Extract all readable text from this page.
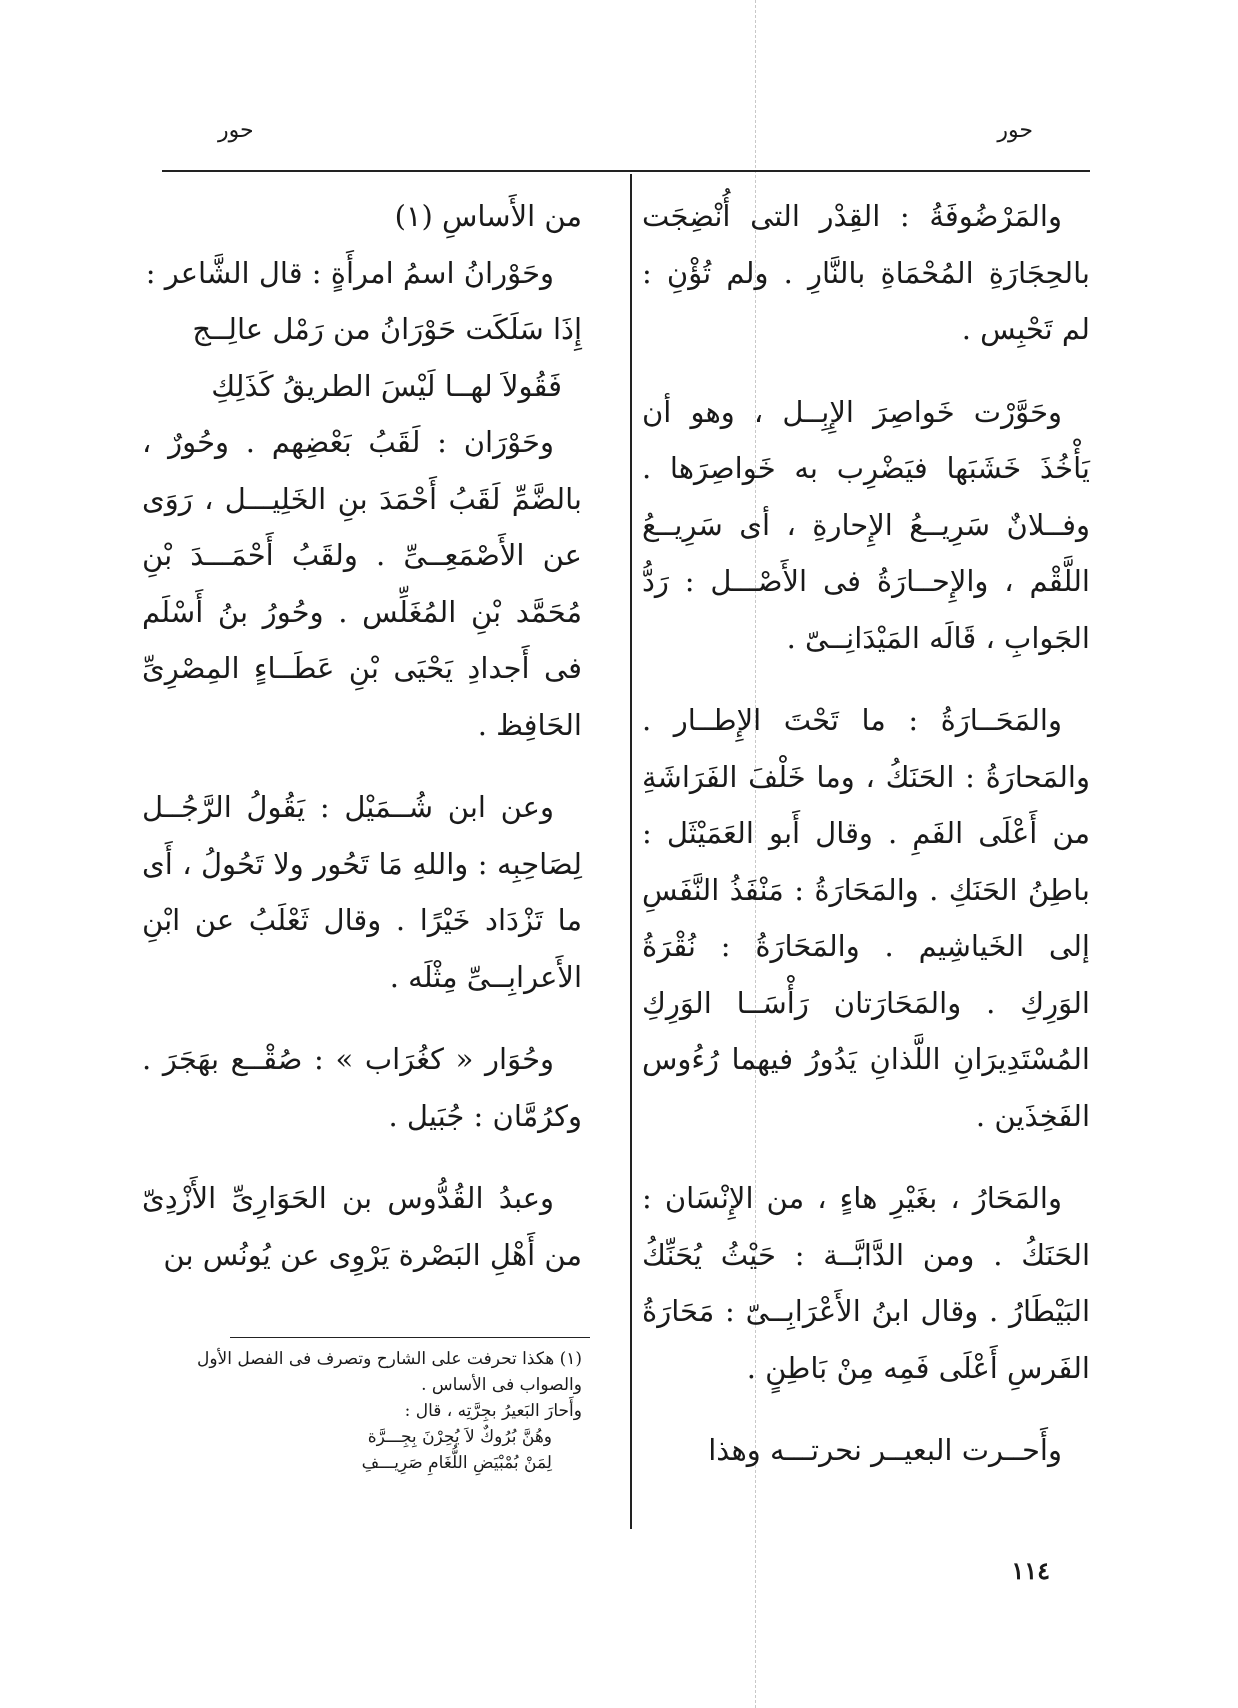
حور
حور

والمَرْضُوفَةُ : القِدْر التى أُنْضِجَت بالحِجَارَةِ المُحْمَاةِ بالنَّارِ . ولم تُؤْنِ : لم تَحْبِس .

وحَوَّرْت خَواصِرَ الإِبِــل ، وهو أن يَأْخُذَ خَشَبَها فيَضْرِب به خَواصِرَها . وفــلانٌ سَرِيــعُ الإِحارةِ ، أى سَرِيــعُ اللَّقْم ، والإِحــارَةُ فى الأَصْـــل : رَدُّ الجَوابِ ، قَالَه المَيْدَانِــىّ .

والمَحَــارَةُ : ما تَحْتَ الإِطــار . والمَحارَةُ : الحَنَكُ ، وما خَلْفَ الفَرَاشَةِ من أَعْلَى الفَمِ . وقال أَبو العَمَيْثَل : باطِنُ الحَنَكِ . والمَحَارَةُ : مَنْفَذُ النَّفَسِ إلى الخَياشِيم . والمَحَارَةُ : نُقْرَةُ الوَرِكِ . والمَحَارَتان رَأْسَــا الوَرِكِ المُسْتَدِيرَانِ اللَّذانِ يَدُورُ فيهما رُءُوس الفَخِذَين .

والمَحَارُ ، بغَيْرِ هاءٍ ، من الإِنْسَان : الحَنَكُ . ومن الدَّابَّــة : حَيْثُ يُحَنِّكُ البَيْطَارُ . وقال ابنُ الأَعْرَابِــىّ : مَحَارَةُ الفَرسِ أَعْلَى فَمِه مِنْ بَاطِنٍ .

وأَحــرت البعيــر نحرتـــه وهذا

من الأَساسِ (١)

وحَوْرانُ اسمُ امرأَةٍ : قال الشَّاعر :

إِذَا سَلَكَت حَوْرَانُ من رَمْل عالِــج

فَقُولاَ لهــا لَيْسَ الطريقُ كَذَلِكِ

وحَوْرَان : لَقَبُ بَعْضِهم . وحُورٌ ، بالضَّمِّ لَقَبُ أَحْمَدَ بنِ الخَلِيـــل ، رَوَى عن الأَصْمَعِــىِّ . ولقَبُ أَحْمَـــدَ بْنِ مُحَمَّد بْنِ المُغَلِّس . وحُورُ بنُ أَسْلَم فى أَجدادِ يَحْيَى بْنِ عَطَــاءٍ المِصْرِىِّ الحَافِظ .

وعن ابن شُــمَيْل : يَقُولُ الرَّجُــل لِصَاحِبِه : واللهِ مَا تَحُور ولا تَحُولُ ، أَى ما تَزْدَاد خَيْرًا . وقال ثَعْلَبُ عن ابْنِ الأَعرابِــىِّ مِثْلَه .

وحُوَار « كغُرَاب » : صُقْــع بهَجَرَ . وكرُمَّان : جُبَيل .

وعبدُ القُدُّوس بن الحَوَارِىِّ الأَزْدِىّ من أَهْلِ البَصْرة يَرْوِى عن يُونُس بن

(١) هكذا تحرفت على الشارح وتصرف فى الفصل الأول والصواب فى الأساس .

وأَحارَ البَعيرُ بجِرَّتِه ، قال :

وهُنَّ بُرُوكٌ لاَ يُحِرْنَ بِجِـــرَّة

لِمَنْ بُمْبْيَضِ اللُّغَامِ صَرِيـــفِ

١١٤
